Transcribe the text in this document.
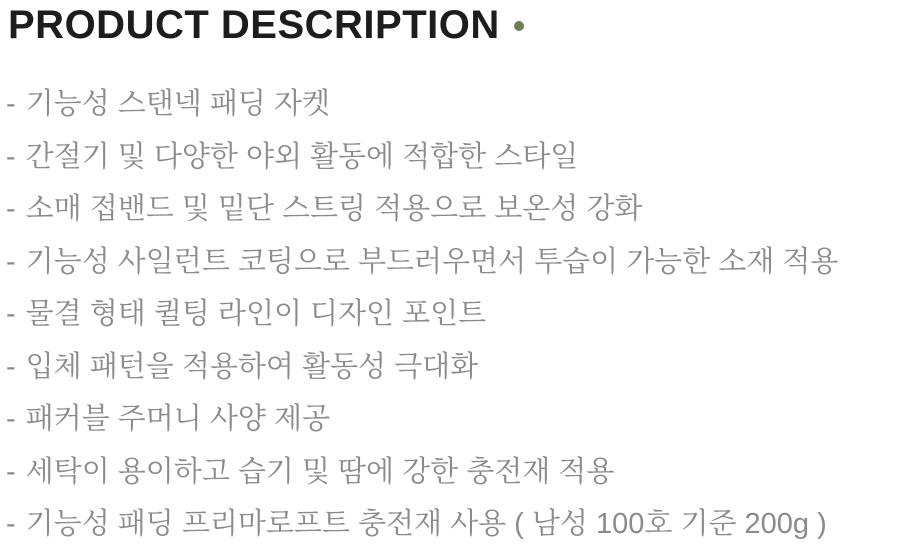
PRODUCT DESCRIPTION
- 기능성 스탠넥 패딩 자켓
- 간절기 및 다양한 야외 활동에 적합한 스타일
- 소매 접밴드 및 밑단 스트링 적용으로 보온성 강화
- 기능성 사일런트 코팅으로 부드러우면서 투습이 가능한 소재 적용
- 물결 형태 퀼팅 라인이 디자인 포인트
- 입체 패턴을 적용하여 활동성 극대화
- 패커블 주머니 사양 제공
- 세탁이 용이하고 습기 및 땀에 강한 충전재 적용
- 기능성 패딩 프리마로프트 충전재 사용 ( 남성 100호 기준 200g )
